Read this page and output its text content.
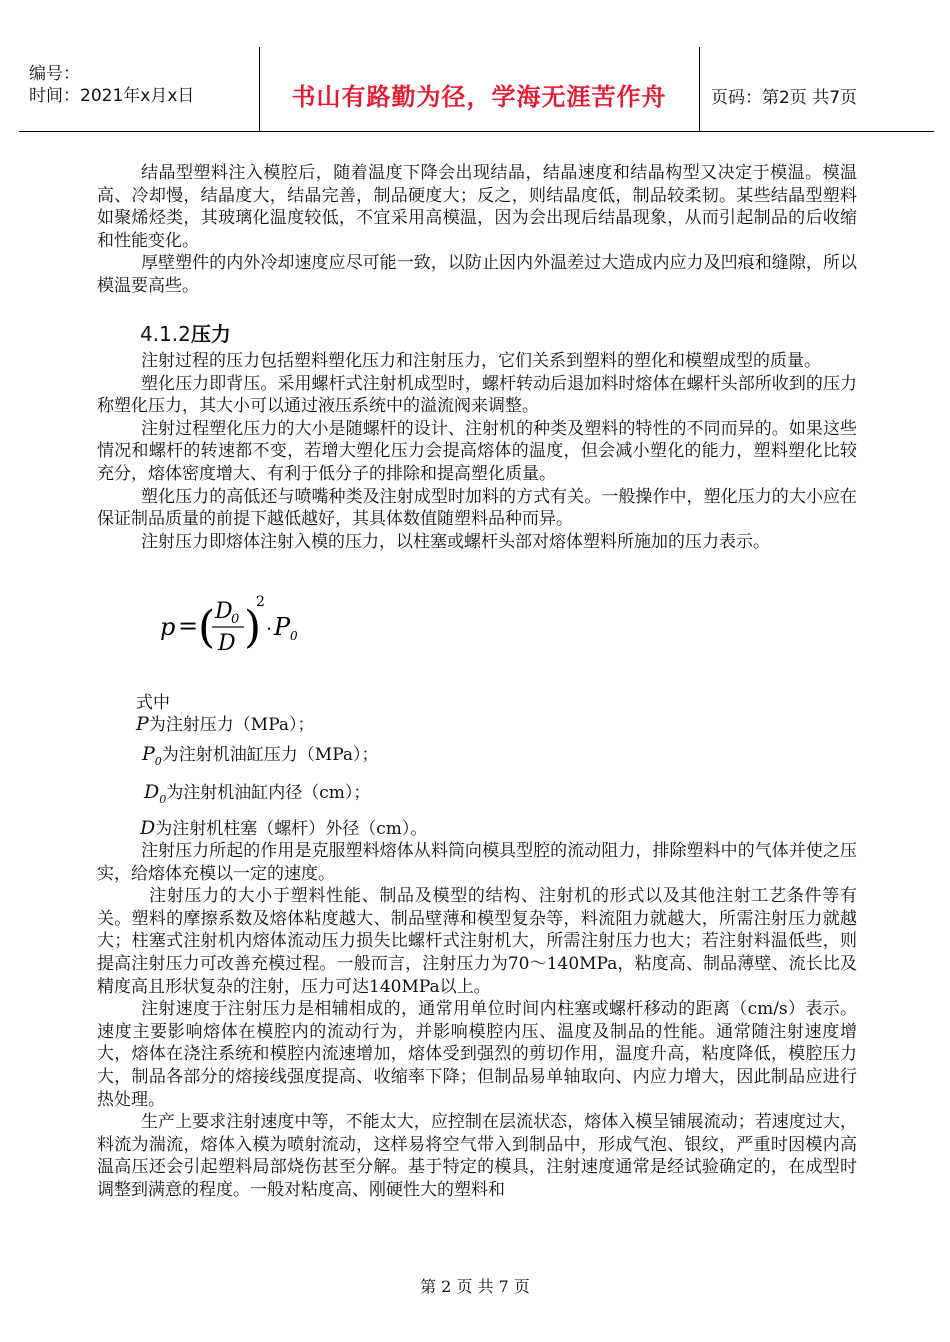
编号：
时间：2021年x月x日	书山有路勤为径，学海无涯苦作舟	页码：第2页 共7页

结晶型塑料注入模腔后，随着温度下降会出现结晶，结晶速度和结晶构型又决定于模温。模温高、冷却慢，结晶度大，结晶完善，制品硬度大；反之，则结晶度低，制品较柔韧。某些结晶型塑料如聚烯烃类，其玻璃化温度较低，不宜采用高模温，因为会出现后结晶现象，从而引起制品的后收缩和性能变化。

厚壁塑件的内外冷却速度应尽可能一致，以防止因内外温差过大造成内应力及凹痕和缝隙，所以模温要高些。

4.1.2压力

注射过程的压力包括塑料塑化压力和注射压力，它们关系到塑料的塑化和模塑成型的质量。

塑化压力即背压。采用螺杆式注射机成型时，螺杆转动后退加料时熔体在螺杆头部所收到的压力称塑化压力，其大小可以通过液压系统中的溢流阀来调整。

注射过程塑化压力的大小是随螺杆的设计、注射机的种类及塑料的特性的不同而异的。如果这些情况和螺杆的转速都不变，若增大塑化压力会提高熔体的温度，但会减小塑化的能力，塑料塑化比较充分，熔体密度增大、有利于低分子的排除和提高塑化质量。

塑化压力的高低还与喷嘴种类及注射成型时加料的方式有关。一般操作中，塑化压力的大小应在保证制品质量的前提下越低越好，其具体数值随塑料品种而异。

注射压力即熔体注射入模的压力，以柱塞或螺杆头部对熔体塑料所施加的压力表示。

p = ( D
0
D )
2
⋅ P 0
式中
P为注射压力（MPa）；
$P_0$为注射机油缸压力（MPa）；
$D_0$为注射机油缸内径（cm）；
D为注射机柱塞（螺杆）外径（cm）。

注射压力所起的作用是克服塑料熔体从料筒向模具型腔的流动阻力，排除塑料中的气体并使之压实，给熔体充模以一定的速度。

注射压力的大小于塑料性能、制品及模型的结构、注射机的形式以及其他注射工艺条件等有关。塑料的摩擦系数及熔体粘度越大、制品壁薄和模型复杂等，料流阻力就越大，所需注射压力就越大；柱塞式注射机内熔体流动压力损失比螺杆式注射机大，所需注射压力也大；若注射料温低些，则提高注射压力可改善充模过程。一般而言，注射压力为70～140MPa，粘度高、制品薄壁、流长比及精度高且形状复杂的注射，压力可达140MPa以上。

注射速度于注射压力是相辅相成的，通常用单位时间内柱塞或螺杆移动的距离（cm/s）表示。速度主要影响熔体在模腔内的流动行为，并影响模腔内压、温度及制品的性能。通常随注射速度增大，熔体在浇注系统和模腔内流速增加，熔体受到强烈的剪切作用，温度升高，粘度降低，模腔压力大，制品各部分的熔接线强度提高、收缩率下降；但制品易单轴取向、内应力增大，因此制品应进行热处理。

生产上要求注射速度中等，不能太大，应控制在层流状态，熔体入模呈铺展流动；若速度过大，料流为湍流，熔体入模为喷射流动，这样易将空气带入到制品中，形成气泡、银纹，严重时因模内高温高压还会引起塑料局部烧伤甚至分解。基于特定的模具，注射速度通常是经试验确定的，在成型时调整到满意的程度。一般对粘度高、刚硬性大的塑料和

第 2 页 共 7 页
